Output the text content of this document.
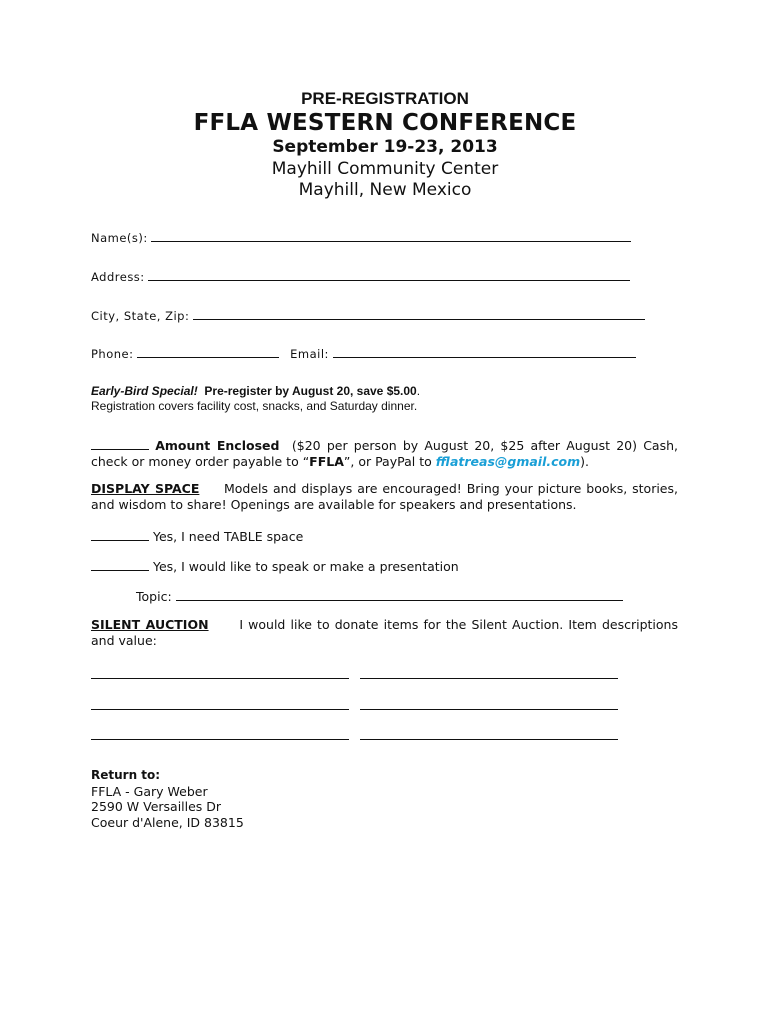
PRE-REGISTRATION
FFLA WESTERN CONFERENCE
September 19-23, 2013
Mayhill Community Center
Mayhill, New Mexico
Name(s):
Address:
City, State, Zip:
Phone:	Email:
Early-Bird Special! Pre-register by August 20, save $5.00.
Registration covers facility cost, snacks, and Saturday dinner.
Amount Enclosed ($20 per person by August 20, $25 after August 20) Cash, check or money order payable to “FFLA”, or PayPal to fflatreas@gmail.com).
DISPLAY SPACE Models and displays are encouraged! Bring your picture books, stories, and wisdom to share! Openings are available for speakers and presentations.
Yes, I need TABLE space
Yes, I would like to speak or make a presentation
Topic:
SILENT AUCTION I would like to donate items for the Silent Auction. Item descriptions and value:
Return to:
FFLA - Gary Weber
2590 W Versailles Dr
Coeur d'Alene, ID 83815
